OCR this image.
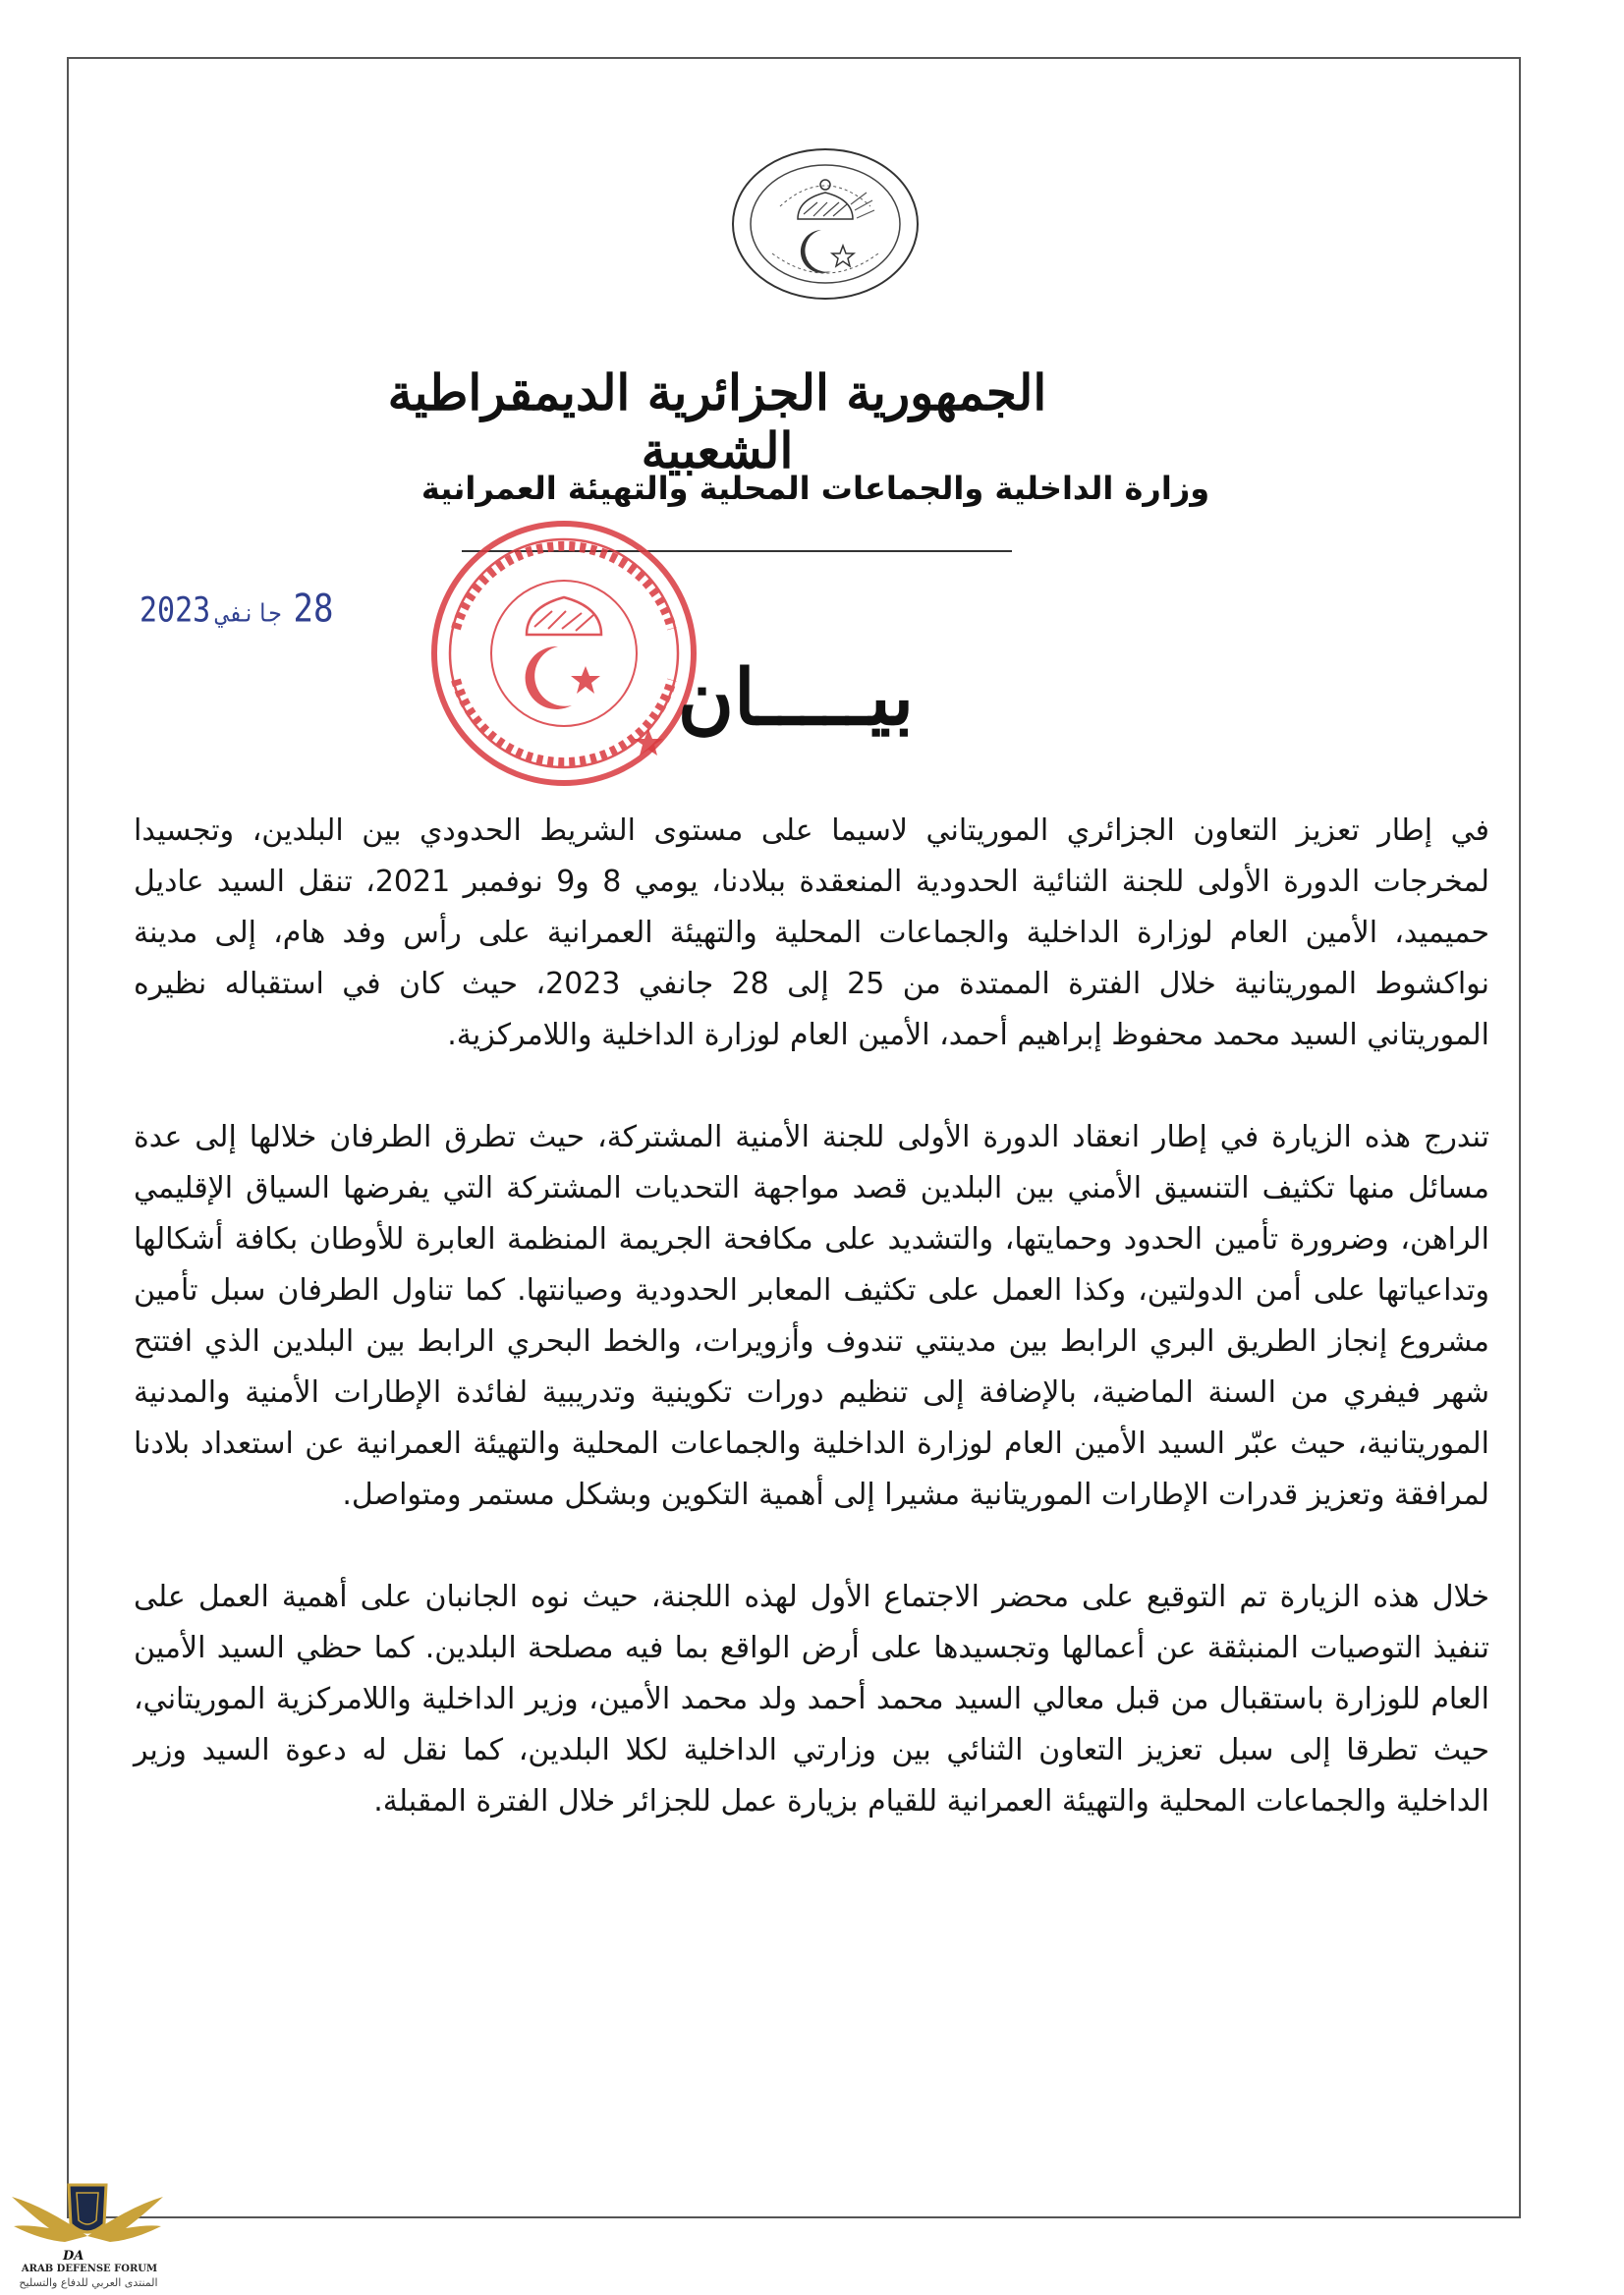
الجمهورية الجزائرية الديمقراطية الشعبية
وزارة الداخلية والجماعات المحلية والتهيئة العمرانية
28جانفي2023
بيـــــان

في إطار تعزيز التعاون الجزائري الموريتاني لاسيما على مستوى الشريط الحدودي بين البلدين، وتجسيدا لمخرجات الدورة الأولى للجنة الثنائية الحدودية المنعقدة ببلادنا، يومي 8 و9 نوفمبر 2021، تنقل السيد عاديل حميميد، الأمين العام لوزارة الداخلية والجماعات المحلية والتهيئة العمرانية على رأس وفد هام، إلى مدينة نواكشوط الموريتانية خلال الفترة الممتدة من 25 إلى 28 جانفي 2023، حيث كان في استقباله نظيره الموريتاني السيد محمد محفوظ إبراهيم أحمد، الأمين العام لوزارة الداخلية واللامركزية.

تندرج هذه الزيارة في إطار انعقاد الدورة الأولى للجنة الأمنية المشتركة، حيث تطرق الطرفان خلالها إلى عدة مسائل منها تكثيف التنسيق الأمني بين البلدين قصد مواجهة التحديات المشتركة التي يفرضها السياق الإقليمي الراهن، وضرورة تأمين الحدود وحمايتها، والتشديد على مكافحة الجريمة المنظمة العابرة للأوطان بكافة أشكالها وتداعياتها على أمن الدولتين، وكذا العمل على تكثيف المعابر الحدودية وصيانتها. كما تناول الطرفان سبل تأمين مشروع إنجاز الطريق البري الرابط بين مدينتي تندوف وأزويرات، والخط البحري الرابط بين البلدين الذي افتتح شهر فيفري من السنة الماضية، بالإضافة إلى تنظيم دورات تكوينية وتدريبية لفائدة الإطارات الأمنية والمدنية الموريتانية، حيث عبّر السيد الأمين العام لوزارة الداخلية والجماعات المحلية والتهيئة العمرانية عن استعداد بلادنا لمرافقة وتعزيز قدرات الإطارات الموريتانية مشيرا إلى أهمية التكوين وبشكل مستمر ومتواصل.

خلال هذه الزيارة تم التوقيع على محضر الاجتماع الأول لهذه اللجنة، حيث نوه الجانبان على أهمية العمل على تنفيذ التوصيات المنبثقة عن أعمالها وتجسيدها على أرض الواقع بما فيه مصلحة البلدين. كما حظي السيد الأمين العام للوزارة باستقبال من قبل معالي السيد محمد أحمد ولد محمد الأمين، وزير الداخلية واللامركزية الموريتاني، حيث تطرقا إلى سبل تعزيز التعاون الثنائي بين وزارتي الداخلية لكلا البلدين، كما نقل له دعوة السيد وزير الداخلية والجماعات المحلية والتهيئة العمرانية للقيام بزيارة عمل للجزائر خلال الفترة المقبلة.

DA
ARAB DEFENSE FORUM
المنتدى العربي للدفاع والتسليح
